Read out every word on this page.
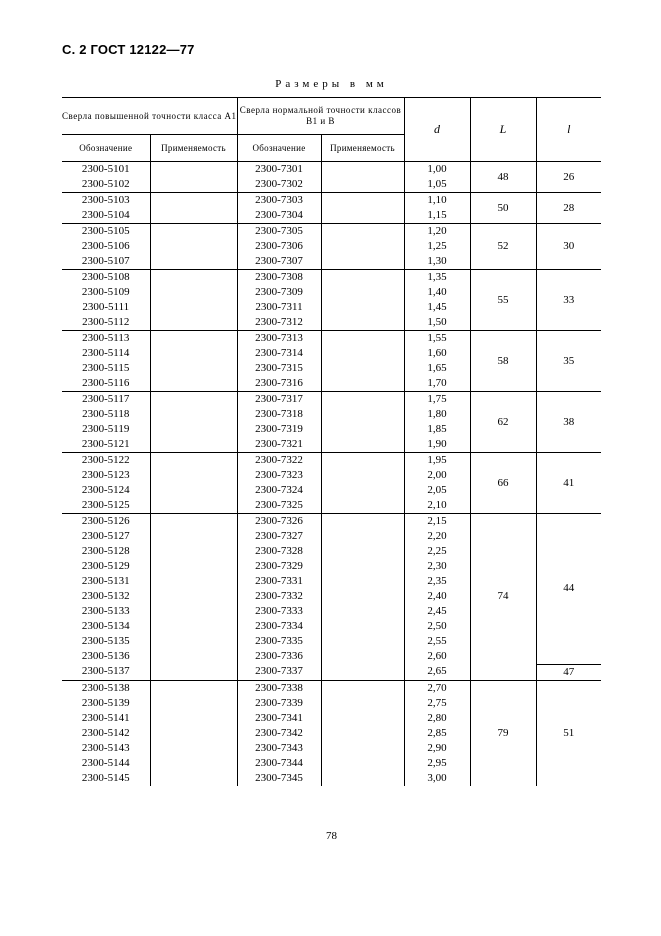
С. 2 ГОСТ 12122—77
Размеры в мм
Сверла повышенной точности класса А1		Сверла нормальной точности классов В1 и В		d	L	l
Обозначение	Применяемость	Обозначение	Применяемость			
2300-5101		2300-7301		1,00	48	26
2300-5102		2300-7302		1,05		
2300-5103		2300-7303		1,10	50	28
2300-5104		2300-7304		1,15		
2300-5105		2300-7305		1,20	52	30
2300-5106		2300-7306		1,25		
2300-5107		2300-7307		1,30		
2300-5108		2300-7308		1,35	55	33
2300-5109		2300-7309		1,40		
2300-5111		2300-7311		1,45		
2300-5112		2300-7312		1,50		
2300-5113		2300-7313		1,55	58	35
2300-5114		2300-7314		1,60		
2300-5115		2300-7315		1,65		
2300-5116		2300-7316		1,70		
2300-5117		2300-7317		1,75	62	38
2300-5118		2300-7318		1,80		
2300-5119		2300-7319		1,85		
2300-5121		2300-7321		1,90		
2300-5122		2300-7322		1,95	66	41
2300-5123		2300-7323		2,00		
2300-5124		2300-7324		2,05		
2300-5125		2300-7325		2,10		
2300-5126		2300-7326		2,15	74	44
2300-5127		2300-7327		2,20		
2300-5128		2300-7328		2,25		
2300-5129		2300-7329		2,30		
2300-5131		2300-7331		2,35		
2300-5132		2300-7332		2,40		
2300-5133		2300-7333		2,45		
2300-5134		2300-7334		2,50		
2300-5135		2300-7335		2,55		
2300-5136		2300-7336		2,60		
2300-5137		2300-7337		2,65		47
2300-5138		2300-7338		2,70	79	51
2300-5139		2300-7339		2,75		
2300-5141		2300-7341		2,80		
2300-5142		2300-7342		2,85		
2300-5143		2300-7343		2,90		
2300-5144		2300-7344		2,95		
2300-5145		2300-7345		3,00		
78
